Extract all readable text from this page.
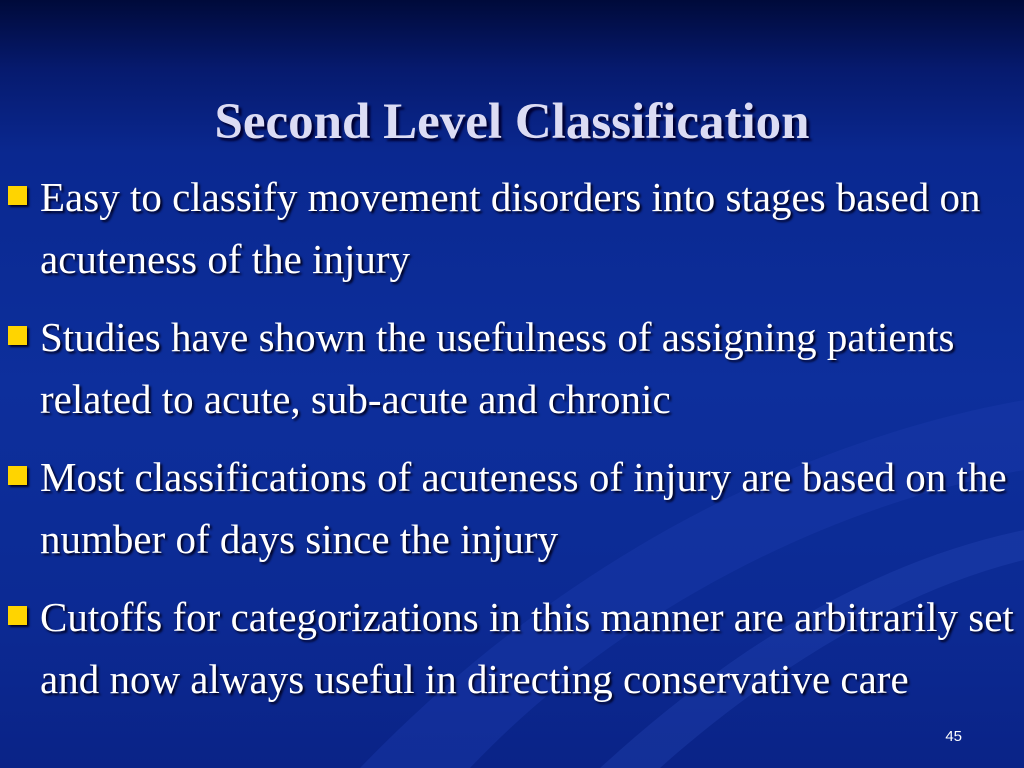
Second Level Classification
Easy to classify movement disorders into stages based on acuteness of the injury
Studies have shown the usefulness of assigning patients related to acute, sub-acute and chronic
Most classifications of acuteness of injury are based on the number of days since the injury
Cutoffs for categorizations in this manner are arbitrarily set and now always useful in directing conservative care
45
